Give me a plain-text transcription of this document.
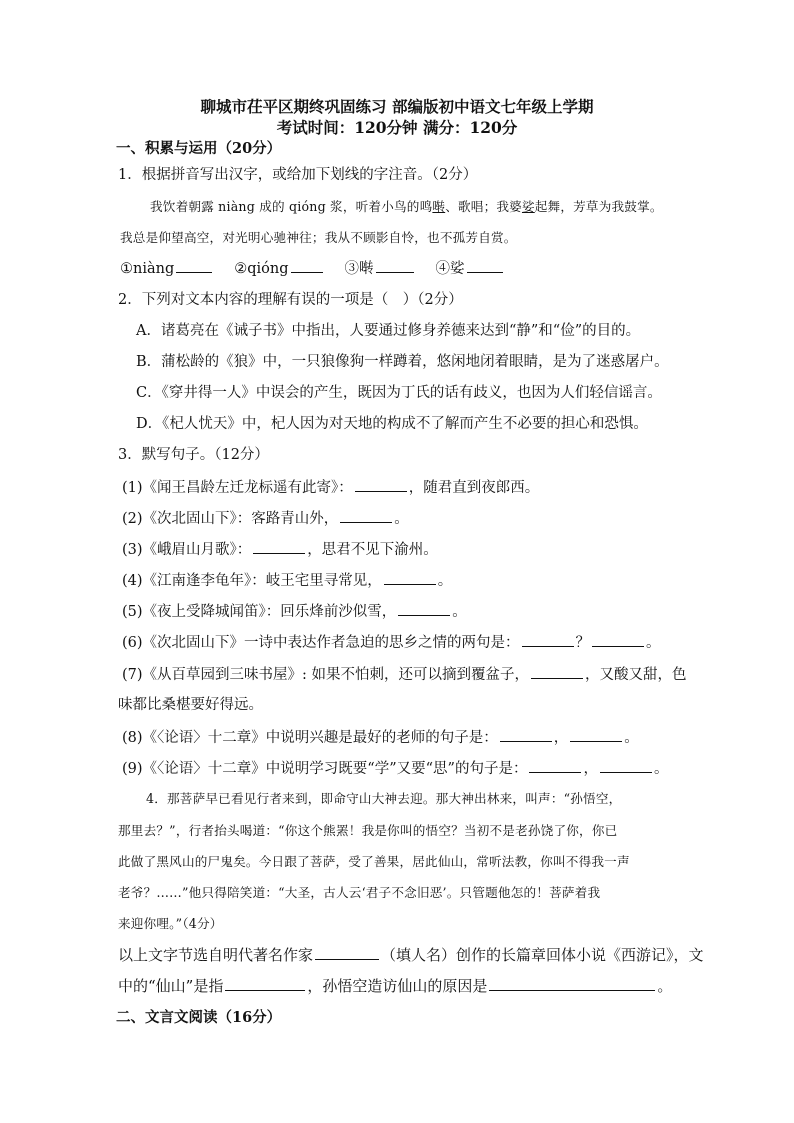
聊城市茌平区期终巩固练习 部编版初中语文七年级上学期
考试时间：120分钟 满分：120分
一、积累与运用（20分）
1．根据拼音写出汉字，或给加下划线的字注音。（2分）
我饮着朝露 niàng 成的 qióng 浆，听着小鸟的鸣啭、歌唱；我婆娑起舞，芳草为我鼓掌。
我总是仰望高空，对光明心驰神往；我从不顾影自怜，也不孤芳自赏。
①niàng	②qióng	③啭	④娑
2．下列对文本内容的理解有误的一项是（　）（2分）
A．诸葛亮在《诫子书》中指出，人要通过修身养德来达到“静”和“俭”的目的。
B．蒲松龄的《狼》中，一只狼像狗一样蹲着，悠闲地闭着眼睛，是为了迷惑屠户。
C．《穿井得一人》中误会的产生，既因为丁氏的话有歧义，也因为人们轻信谣言。
D．《杞人忧天》中，杞人因为对天地的构成不了解而产生不必要的担心和恐惧。
3．默写句子。（12分）
(1)《闻王昌龄左迁龙标遥有此寄》：	，随君直到夜郎西。
(2)《次北固山下》：客路青山外，	。
(3)《峨眉山月歌》：	，思君不见下渝州。
(4)《江南逢李龟年》：岐王宅里寻常见，	。
(5)《夜上受降城闻笛》：回乐烽前沙似雪，	。
(6)《次北固山下》一诗中表达作者急迫的思乡之情的两句是：	？	。
(7)《从百草园到三味书屋》: 如果不怕刺，还可以摘到覆盆子，	，又酸又甜，色
味都比桑椹要好得远。
(8)《〈论语〉十二章》中说明兴趣是最好的老师的句子是：	，	。
(9)《〈论语〉十二章》中说明学习既要“学”又要“思”的句子是：	，	。
4．那菩萨早已看见行者来到，即命守山大神去迎。那大神出林来，叫声：“孙悟空，
那里去？”，行者抬头喝道：“你这个熊罴！我是你叫的悟空？当初不是老孙饶了你，你已
此做了黑风山的尸鬼矣。今日跟了菩萨，受了善果，居此仙山，常听法教，你叫不得我一声
老爷？……”他只得陪笑道：“大圣，古人云‘君子不念旧恶’。只管题他怎的！菩萨着我
来迎你哩。”（4分）
以上文字节选自明代著名作家	（填人名）创作的长篇章回体小说《西游记》，文
中的“仙山”是指	，孙悟空造访仙山的原因是	。
二、文言文阅读（16分）
